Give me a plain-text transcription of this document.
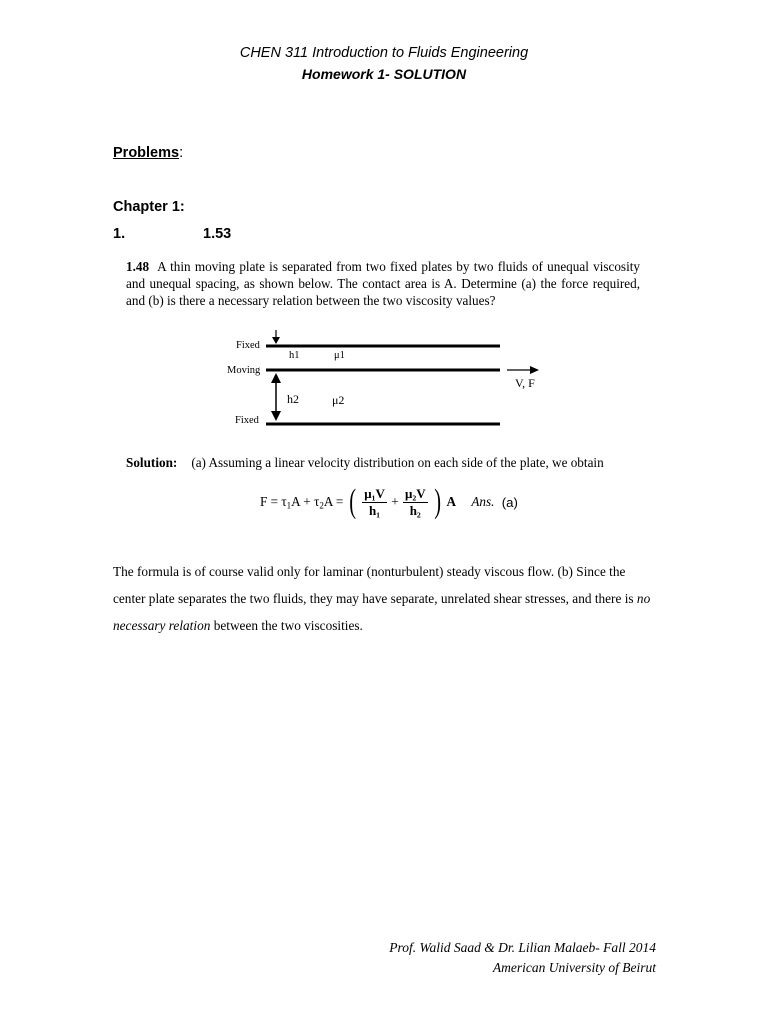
CHEN 311 Introduction to Fluids Engineering
Homework 1- SOLUTION
Problems:
Chapter 1:
1.	1.53
1.48 A thin moving plate is separated from two fixed plates by two fluids of unequal viscosity and unequal spacing, as shown below. The contact area is A. Determine (a) the force required, and (b) is there a necessary relation between the two viscosity values?
Fixed
Moving
Fixed
h1	μ1
h2	μ2
V, F
Solution: (a) Assuming a linear velocity distribution on each side of the plate, we obtain
$F = \tau_1A + \tau_2A$ = ( $\frac{\text{μ₁V}}{\text{h₁}} + \frac{\text{μ₂V}}{\text{h₂}}$ ) A Ans. (a)
The formula is of course valid only for laminar (nonturbulent) steady viscous flow. (b) Since the center plate separates the two fluids, they may have separate, unrelated shear stresses, and there is no necessary relation between the two viscosities.
Prof. Walid Saad & Dr. Lilian Malaeb- Fall 2014
American University of Beirut
